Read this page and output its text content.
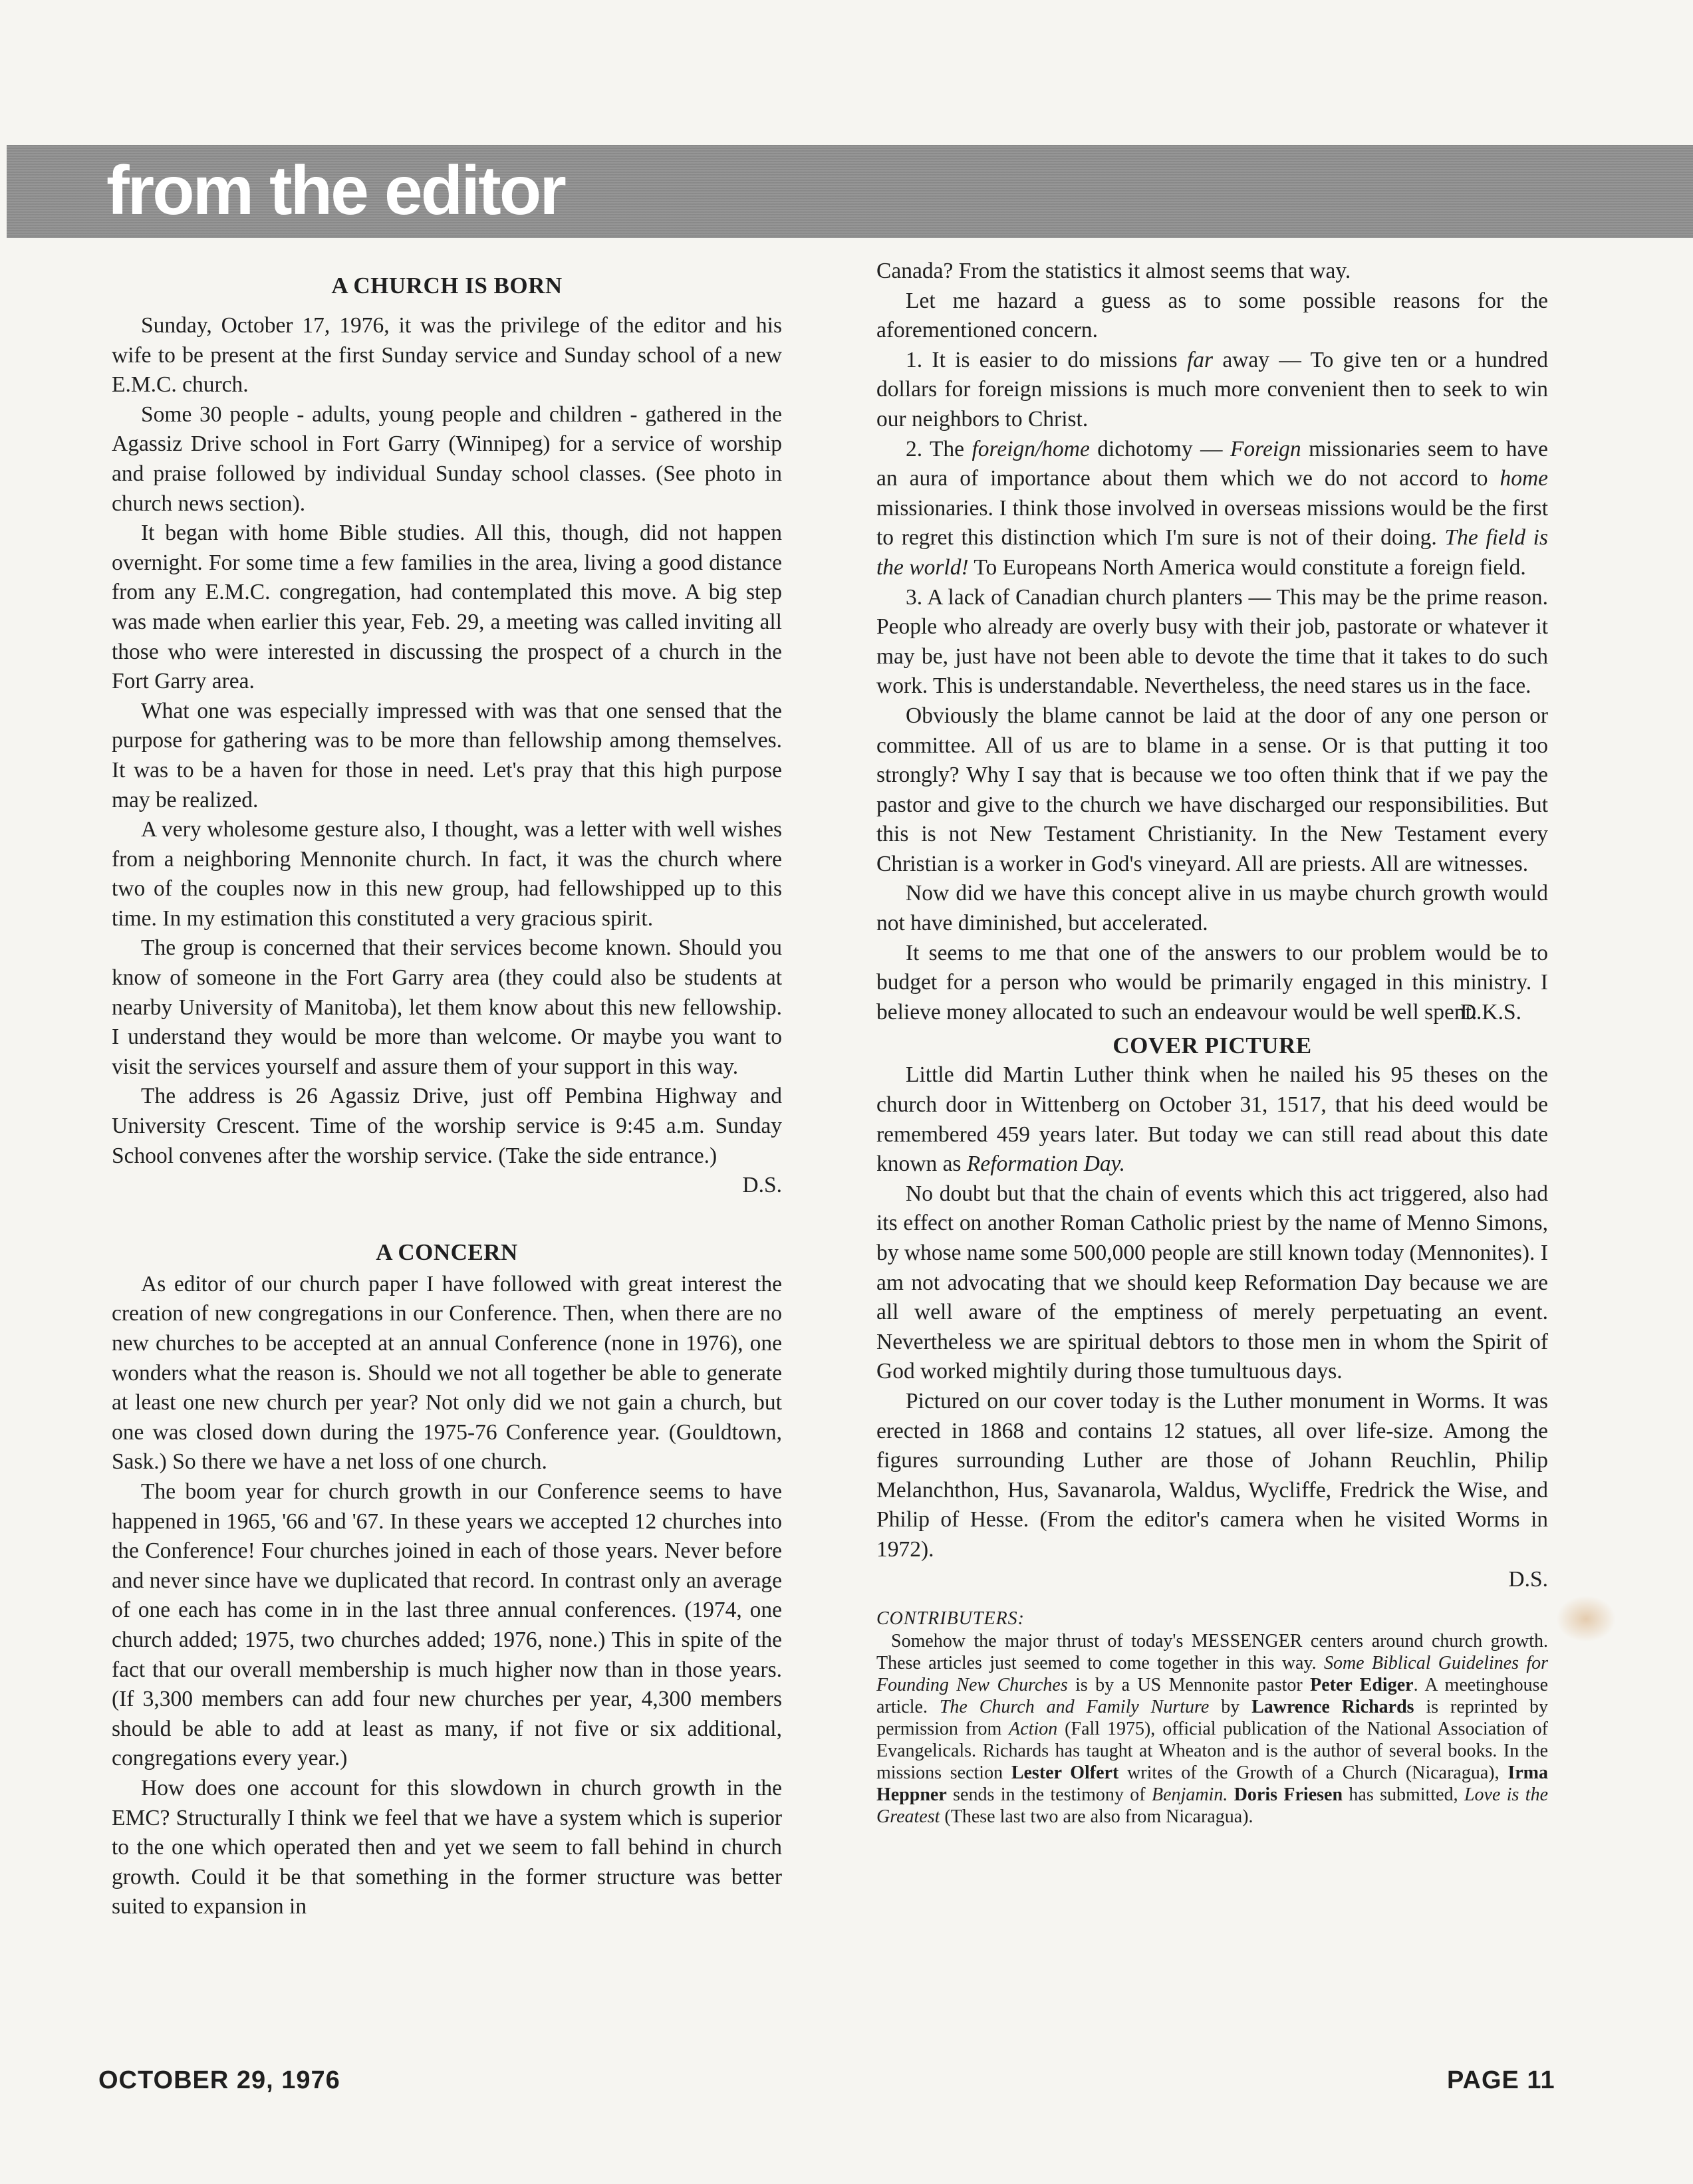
from the editor
A CHURCH IS BORN

Sunday, October 17, 1976, it was the privilege of the editor and his wife to be present at the first Sunday service and Sunday school of a new E.M.C. church.

Some 30 people - adults, young people and children - gathered in the Agassiz Drive school in Fort Garry (Winnipeg) for a service of worship and praise followed by individual Sunday school classes. (See photo in church news section).

It began with home Bible studies. All this, though, did not happen overnight. For some time a few families in the area, living a good distance from any E.M.C. congregation, had contemplated this move. A big step was made when earlier this year, Feb. 29, a meeting was called inviting all those who were interested in discussing the prospect of a church in the Fort Garry area.

What one was especially impressed with was that one sensed that the purpose for gathering was to be more than fellowship among themselves. It was to be a haven for those in need. Let's pray that this high purpose may be realized.

A very wholesome gesture also, I thought, was a letter with well wishes from a neighboring Mennonite church. In fact, it was the church where two of the couples now in this new group, had fellowshipped up to this time. In my estimation this constituted a very gracious spirit.

The group is concerned that their services become known. Should you know of someone in the Fort Garry area (they could also be students at nearby University of Manitoba), let them know about this new fellowship. I understand they would be more than welcome. Or maybe you want to visit the services yourself and assure them of your support in this way.

The address is 26 Agassiz Drive, just off Pembina Highway and University Crescent. Time of the worship service is 9:45 a.m. Sunday School convenes after the worship service. (Take the side entrance.)

D.S.
A CONCERN

As editor of our church paper I have followed with great interest the creation of new congregations in our Conference. Then, when there are no new churches to be accepted at an annual Conference (none in 1976), one wonders what the reason is. Should we not all together be able to generate at least one new church per year? Not only did we not gain a church, but one was closed down during the 1975-76 Conference year. (Gouldtown, Sask.) So there we have a net loss of one church.

The boom year for church growth in our Conference seems to have happened in 1965, '66 and '67. In these years we accepted 12 churches into the Conference! Four churches joined in each of those years. Never before and never since have we duplicated that record. In contrast only an average of one each has come in in the last three annual conferences. (1974, one church added; 1975, two churches added; 1976, none.) This in spite of the fact that our overall membership is much higher now than in those years. (If 3,300 members can add four new churches per year, 4,300 members should be able to add at least as many, if not five or six additional, congregations every year.)

How does one account for this slowdown in church growth in the EMC? Structurally I think we feel that we have a system which is superior to the one which operated then and yet we seem to fall behind in church growth. Could it be that something in the former structure was better suited to expansion in

Canada? From the statistics it almost seems that way.

Let me hazard a guess as to some possible reasons for the aforementioned concern.

1. It is easier to do missions far away — To give ten or a hundred dollars for foreign missions is much more convenient then to seek to win our neighbors to Christ.

2. The foreign/home dichotomy — Foreign missionaries seem to have an aura of importance about them which we do not accord to home missionaries. I think those involved in overseas missions would be the first to regret this distinction which I'm sure is not of their doing. The field is the world! To Europeans North America would constitute a foreign field.

3. A lack of Canadian church planters — This may be the prime reason. People who already are overly busy with their job, pastorate or whatever it may be, just have not been able to devote the time that it takes to do such work. This is understandable. Nevertheless, the need stares us in the face.

Obviously the blame cannot be laid at the door of any one person or committee. All of us are to blame in a sense. Or is that putting it too strongly? Why I say that is because we too often think that if we pay the pastor and give to the church we have discharged our responsibilities. But this is not New Testament Christianity. In the New Testament every Christian is a worker in God's vineyard. All are priests. All are witnesses.

Now did we have this concept alive in us maybe church growth would not have diminished, but accelerated.

It seems to me that one of the answers to our problem would be to budget for a person who would be primarily engaged in this ministry. I believe money allocated to such an endeavour would be well spent.

D.K.S.
COVER PICTURE

Little did Martin Luther think when he nailed his 95 theses on the church door in Wittenberg on October 31, 1517, that his deed would be remembered 459 years later. But today we can still read about this date known as Reformation Day.

No doubt but that the chain of events which this act triggered, also had its effect on another Roman Catholic priest by the name of Menno Simons, by whose name some 500,000 people are still known today (Mennonites). I am not advocating that we should keep Reformation Day because we are all well aware of the emptiness of merely perpetuating an event. Nevertheless we are spiritual debtors to those men in whom the Spirit of God worked mightily during those tumultuous days.

Pictured on our cover today is the Luther monument in Worms. It was erected in 1868 and contains 12 statues, all over life-size. Among the figures surrounding Luther are those of Johann Reuchlin, Philip Melanchthon, Hus, Savanarola, Waldus, Wycliffe, Fredrick the Wise, and Philip of Hesse. (From the editor's camera when he visited Worms in 1972).

D.S.
CONTRIBUTERS:

Somehow the major thrust of today's MESSENGER centers around church growth. These articles just seemed to come together in this way. Some Biblical Guidelines for Founding New Churches is by a US Mennonite pastor Peter Ediger. A meetinghouse article. The Church and Family Nurture by Lawrence Richards is reprinted by permission from Action (Fall 1975), official publication of the National Association of Evangelicals. Richards has taught at Wheaton and is the author of several books. In the missions section Lester Olfert writes of the Growth of a Church (Nicaragua), Irma Heppner sends in the testimony of Benjamin. Doris Friesen has submitted, Love is the Greatest (These last two are also from Nicaragua).

OCTOBER 29, 1976	PAGE 11
